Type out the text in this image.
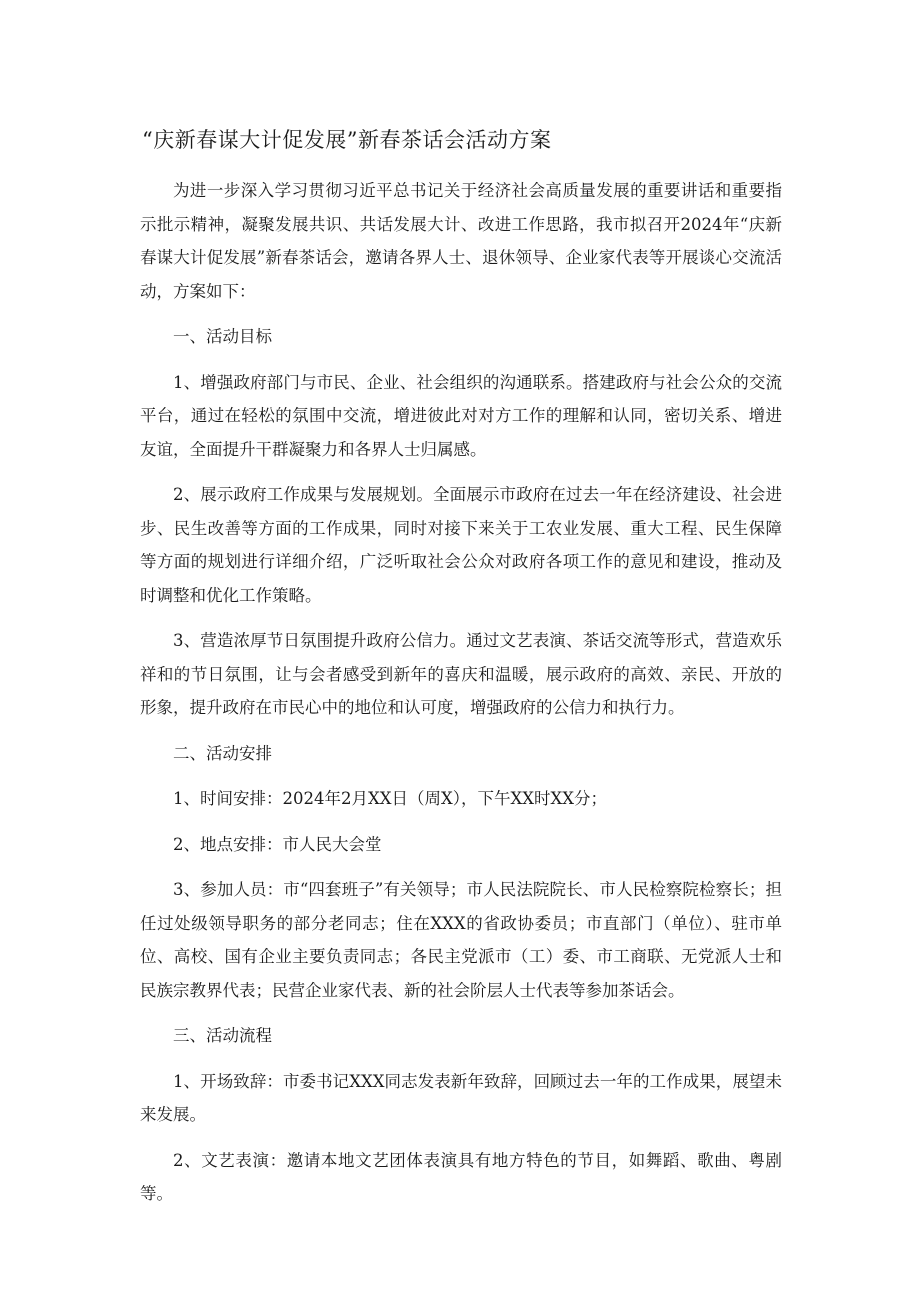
“庆新春谋大计促发展”新春茶话会活动方案

为进一步深入学习贯彻习近平总书记关于经济社会高质量发展的重要讲话和重要指示批示精神，凝聚发展共识、共话发展大计、改进工作思路，我市拟召开2024年“庆新春谋大计促发展”新春茶话会，邀请各界人士、退休领导、企业家代表等开展谈心交流活动，方案如下：

一、活动目标

1、增强政府部门与市民、企业、社会组织的沟通联系。搭建政府与社会公众的交流平台，通过在轻松的氛围中交流，增进彼此对对方工作的理解和认同，密切关系、增进友谊，全面提升干群凝聚力和各界人士归属感。

2、展示政府工作成果与发展规划。全面展示市政府在过去一年在经济建设、社会进步、民生改善等方面的工作成果，同时对接下来关于工农业发展、重大工程、民生保障等方面的规划进行详细介绍，广泛听取社会公众对政府各项工作的意见和建设，推动及时调整和优化工作策略。

3、营造浓厚节日氛围提升政府公信力。通过文艺表演、茶话交流等形式，营造欢乐祥和的节日氛围，让与会者感受到新年的喜庆和温暖，展示政府的高效、亲民、开放的形象，提升政府在市民心中的地位和认可度，增强政府的公信力和执行力。

二、活动安排

1、时间安排：2024年2月XX日（周X），下午XX时XX分；

2、地点安排：市人民大会堂

3、参加人员：市“四套班子”有关领导；市人民法院院长、市人民检察院检察长；担任过处级领导职务的部分老同志；住在XXX的省政协委员；市直部门（单位）、驻市单位、高校、国有企业主要负责同志；各民主党派市（工）委、市工商联、无党派人士和民族宗教界代表；民营企业家代表、新的社会阶层人士代表等参加茶话会。

三、活动流程

1、开场致辞：市委书记XXX同志发表新年致辞，回顾过去一年的工作成果，展望未来发展。

2、文艺表演：邀请本地文艺团体表演具有地方特色的节目，如舞蹈、歌曲、粤剧等。
